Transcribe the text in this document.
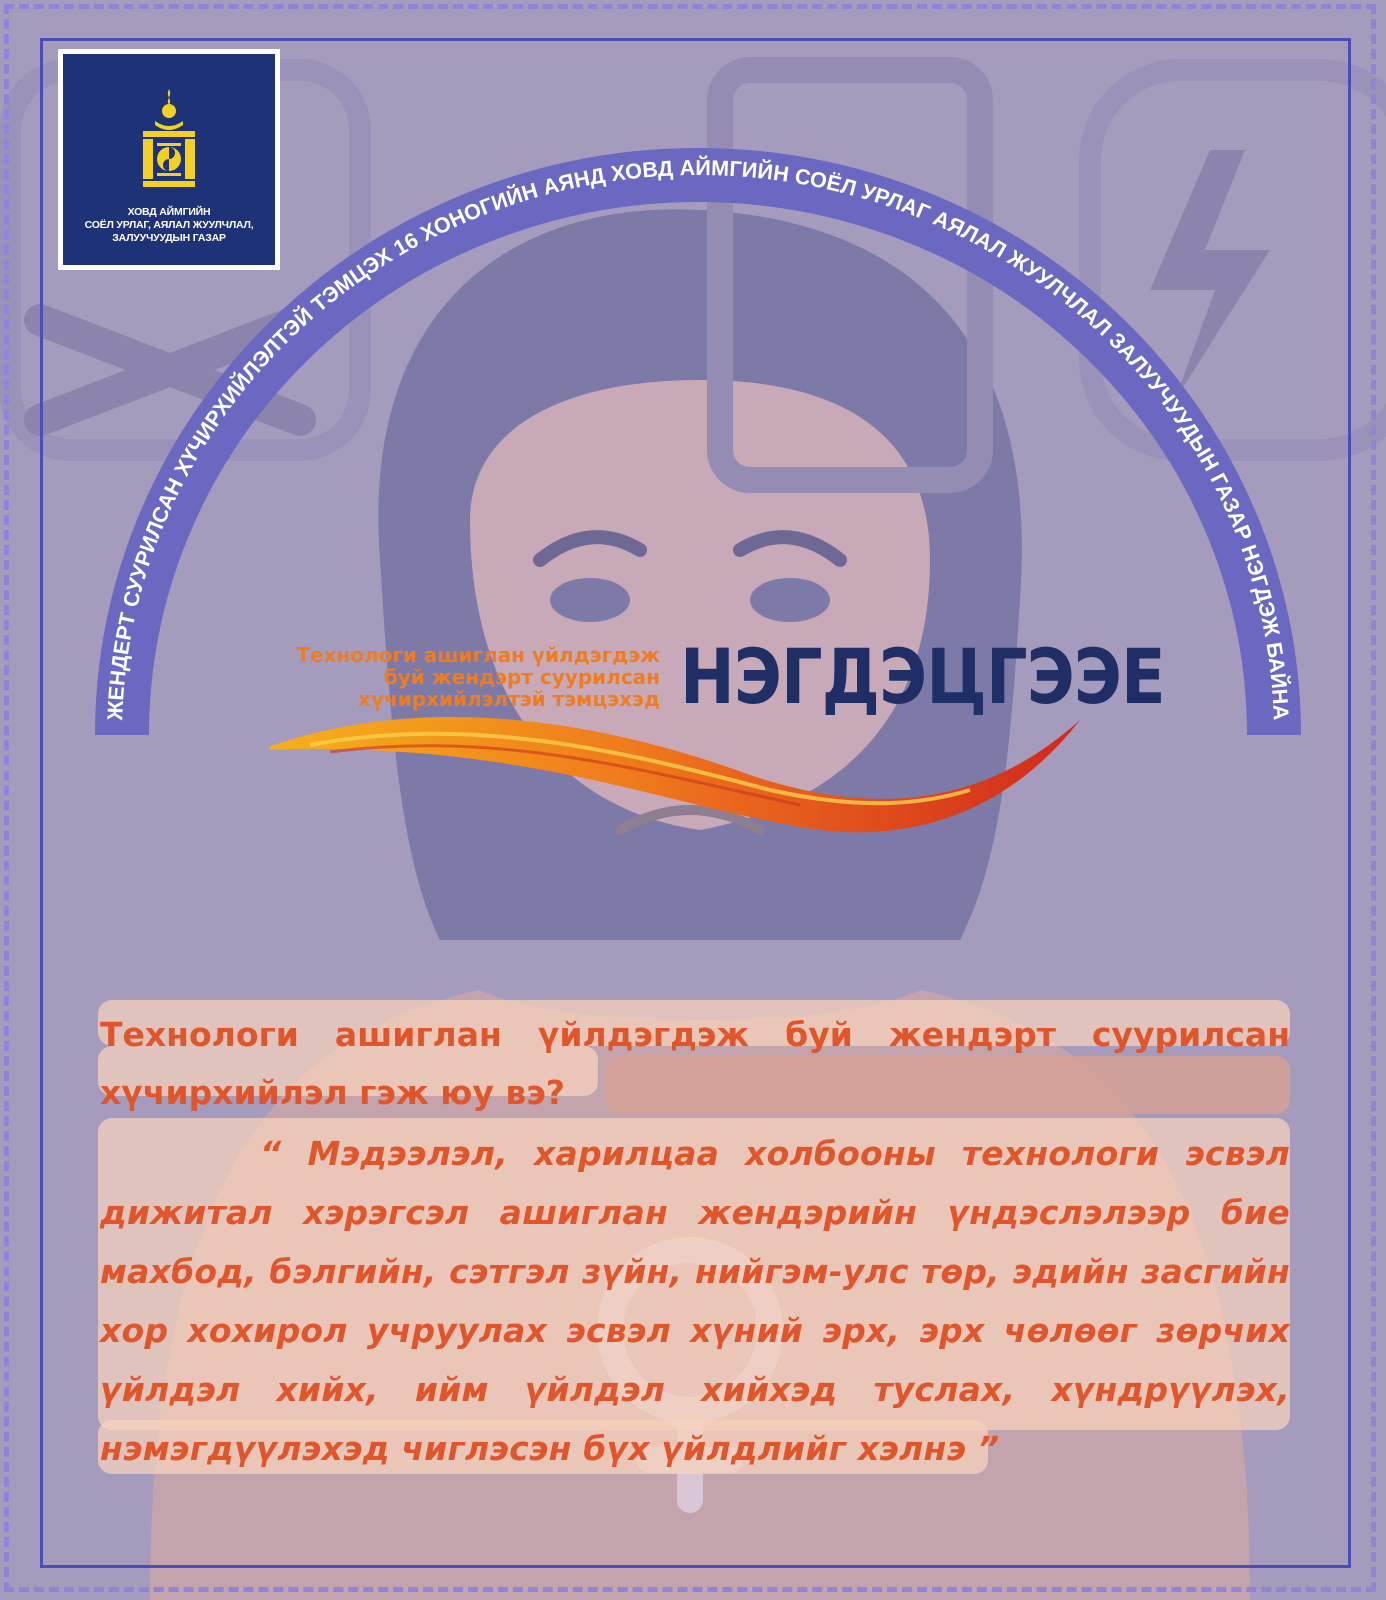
ХОВД АЙМГИЙН
СОЁЛ УРЛАГ, АЯЛАЛ ЖУУЛЧЛАЛ,
ЗАЛУУЧУУДЫН ГАЗАР
ЖЕНДЕРТ СУУРИЛСАН ХҮЧИРХИЙЛЭЛТЭЙ ТЭМЦЭХ 16 ХОНОГИЙН АЯНД ХОВД АЙМГИЙН СОЁЛ УРЛАГ АЯЛАЛ ЖУУЛЧЛАЛ ЗАЛУУЧУУДЫН ГАЗАР НЭГДЭЖ БАЙНА
Технологи ашиглан үйлдэгдэж
буй жендэрт суурилсан
хүчирхийлэлтэй тэмцэхэд НЭГДЭЦГЭЭЕ
Технологи ашиглан үйлдэгдэж буй жендэрт суурилсан хүчирхийлэл гэж юу вэ?
“ Мэдээлэл, харилцаа холбооны технологи эсвэл дижитал хэрэгсэл ашиглан жендэрийн үндэслэлээр бие махбод, бэлгийн, сэтгэл зүйн, нийгэм-улс төр, эдийн засгийн хор хохирол учруулах эсвэл хүний эрх, эрх чөлөөг зөрчих үйлдэл хийх, ийм үйлдэл хийхэд туслах, хүндрүүлэх, нэмэгдүүлэхэд чиглэсэн бүх үйлдлийг хэлнэ ”
